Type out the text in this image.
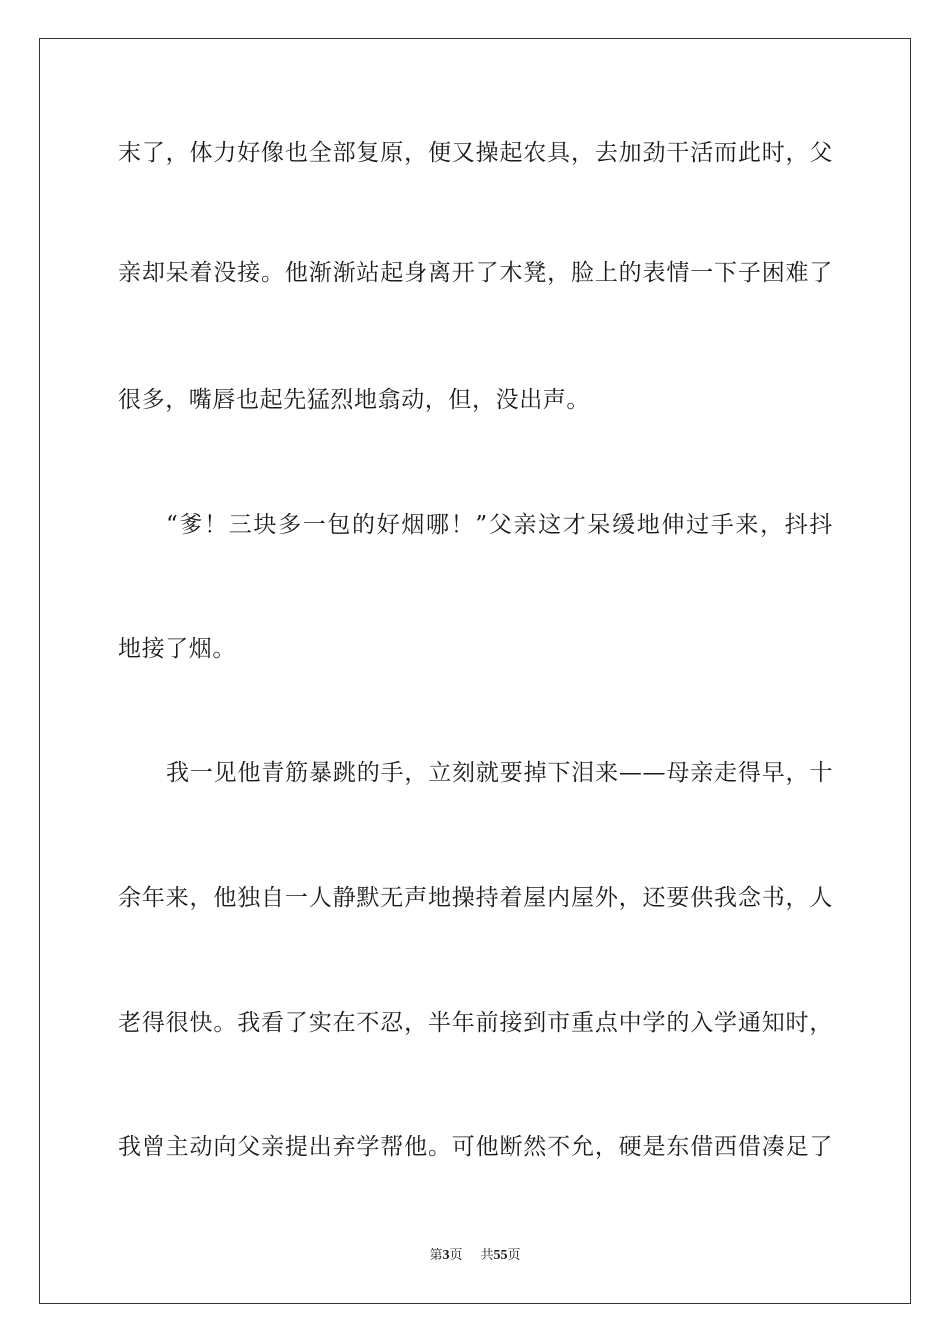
末了，体力好像也全部复原，便又操起农具，去加劲干活而此时，父
亲却呆着没接。他渐渐站起身离开了木凳，脸上的表情一下子困难了
很多，嘴唇也起先猛烈地翕动，但，没出声。
“爹！三块多一包的好烟哪！”父亲这才呆缓地伸过手来，抖抖
地接了烟。
我一见他青筋暴跳的手，立刻就要掉下泪来——母亲走得早，十
余年来，他独自一人静默无声地操持着屋内屋外，还要供我念书，人
老得很快。我看了实在不忍，半年前接到市重点中学的入学通知时，
我曾主动向父亲提出弃学帮他。可他断然不允，硬是东借西借凑足了
第3页 共55页
